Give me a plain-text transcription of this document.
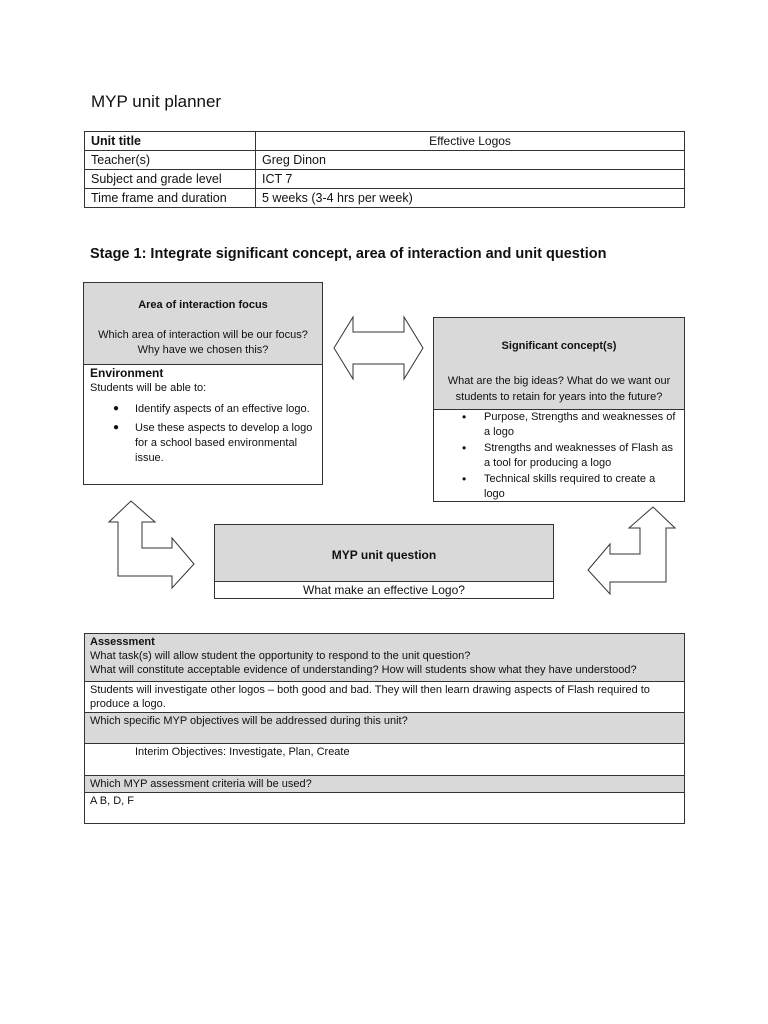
MYP unit planner
Unit title	Effective Logos
Teacher(s)	Greg Dinon
Subject and grade level	ICT 7
Time frame and duration	5 weeks (3-4 hrs per week)
Stage 1: Integrate significant concept, area of interaction and unit question
Area of interaction focus
Which area of interaction will be our focus? Why have we chosen this?
Environment
Students will be able to:
● Identify aspects of an effective logo.
● Use these aspects to develop a logo for a school based environmental issue.
Significant concept(s)
What are the big ideas? What do we want our students to retain for years into the future?
• Purpose, Strengths and weaknesses of a logo
• Strengths and weaknesses of Flash as a tool for producing a logo
• Technical skills required to create a logo
MYP unit question
What make an effective Logo?
Assessment
What task(s) will allow student the opportunity to respond to the unit question?
What will constitute acceptable evidence of understanding? How will students show what they have understood?

Students will investigate other logos – both good and bad. They will then learn drawing aspects of Flash required to produce a logo.
Which specific MYP objectives will be addressed during this unit?
Interim Objectives: Investigate, Plan, Create
Which MYP assessment criteria will be used?
A B, D, F
